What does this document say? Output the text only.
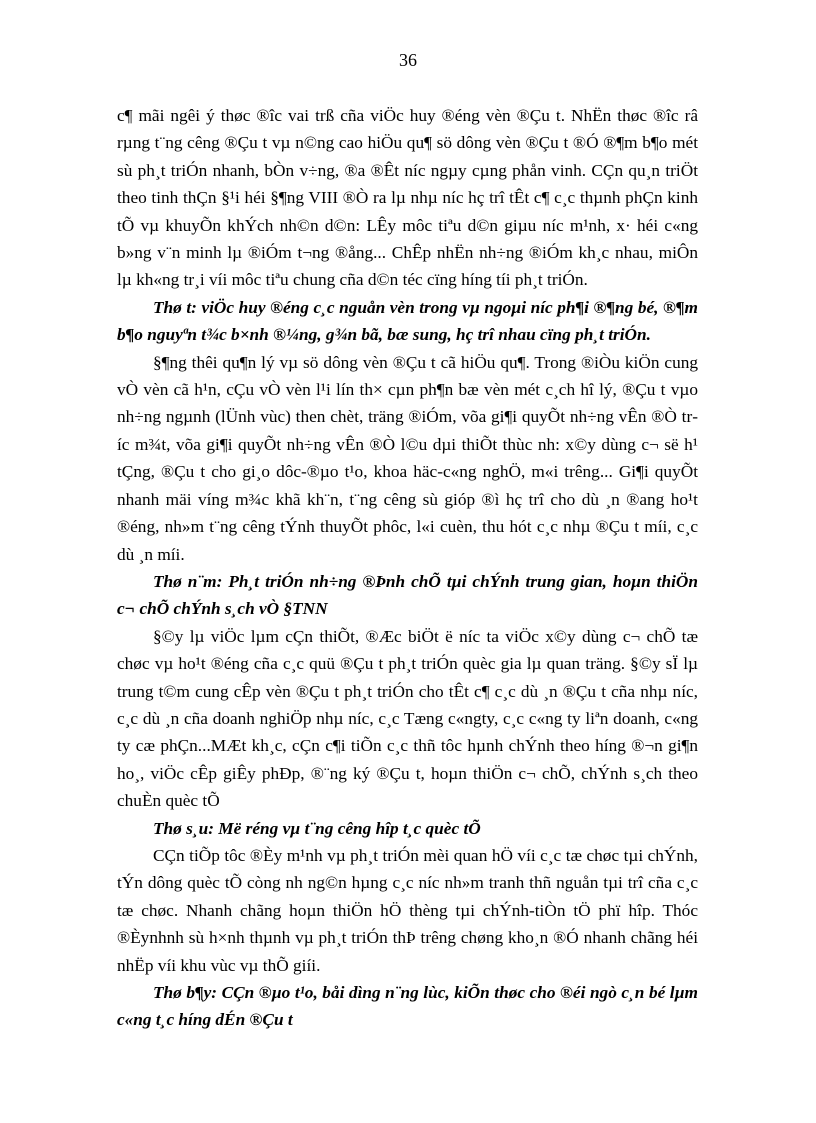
36

c¶ mãi ngêi ý thøc ®îc vai trß cña viÖc huy ®éng vèn ®Çu t. NhËn thøc ®îc râ rµng t¨ng cêng ®Çu t vµ n©ng cao hiÖu qu¶ sö dông vèn ®Çu t ®Ó ®¶m b¶o mét sù ph¸t triÓn nhanh, bÒn v÷ng, ®a ®Êt níc ngµy cµng phån vinh. CÇn qu¸n triÖt theo tinh thÇn §¹i héi §¶ng VIII ®Ò ra lµ nhµ níc hç trî tÊt c¶ c¸c thµnh phÇn kinh tÕ vµ khuyÕn khÝch nh©n d©n: LÊy môc tiªu d©n giµu níc m¹nh, x· héi c«ng b»ng v¨n minh lµ ®iÓm t¬ng ®ång... ChÊp nhËn nh÷ng ®iÓm kh¸c nhau, miÔn lµ kh«ng tr¸i víi môc tiªu chung cña d©n téc cïng híng tíi ph¸t triÓn.

Thø t: viÖc huy ®éng c¸c nguån vèn trong vµ ngoµi níc ph¶i ®¶ng bé, ®¶m b¶o nguyªn t¾c b×nh ®¼ng, g¾n bã, bæ sung, hç trî nhau cïng ph¸t triÓn.

§¶ng thêi qu¶n lý vµ sö dông vèn ®Çu t cã hiÖu qu¶. Trong ®iÒu kiÖn cung vÒ vèn cã h¹n, cÇu vÒ vèn l¹i lín th× cµn ph¶n bæ vèn mét c¸ch hî lý, ®Çu t vµo nh÷ng ngµnh (lÜnh vùc) then chèt, träng ®iÓm, võa gi¶i quyÕt nh÷ng vÊn ®Ò tríc m¾t, võa gi¶i quyÕt nh÷ng vÊn ®Ò l©u dµi thiÕt thùc nh: x©y dùng c¬ së h¹ tÇng, ®Çu t cho gi¸o dôc-®µo t¹o, khoa häc-c«ng nghÖ, m«i trêng... Gi¶i quyÕt nhanh mäi víng m¾c khã kh¨n, t¨ng cêng sù gióp ®ì hç trî cho dù ¸n ®ang ho¹t ®éng, nh»m t¨ng cêng tÝnh thuyÕt phôc, l«i cuèn, thu hót c¸c nhµ ®Çu t míi, c¸c dù ¸n míi.

Thø n¨m: Ph¸t triÓn nh÷ng ®Þnh chÕ tµi chÝnh trung gian, hoµn thiÖn c¬ chÕ chÝnh s¸ch vÒ §TNN

§©y lµ viÖc lµm cÇn thiÕt, ®Æc biÖt ë níc ta viÖc x©y dùng c¬ chÕ tæ chøc vµ ho¹t ®éng cña c¸c quü ®Çu t ph¸t triÓn quèc gia lµ quan träng. §©y sÏ lµ trung t©m cung cÊp vèn ®Çu t ph¸t triÓn cho tÊt c¶ c¸c dù ¸n ®Çu t cña nhµ níc, c¸c dù ¸n cña doanh nghiÖp nhµ níc, c¸c Tæng c«ngty, c¸c c«ng ty liªn doanh, c«ng ty cæ phÇn...MÆt kh¸c, cÇn c¶i tiÕn c¸c thñ tôc hµnh chÝnh theo híng ®¬n gi¶n ho¸, viÖc cÊp giÊy phÐp, ®¨ng ký ®Çu t, hoµn thiÖn c¬ chÕ, chÝnh s¸ch theo chuÈn quèc tÕ

Thø s¸u: Më réng vµ t¨ng cêng hîp t¸c quèc tÕ

CÇn tiÕp tôc ®Èy m¹nh vµ ph¸t triÓn mèi quan hÖ víi c¸c tæ chøc tµi chÝnh, tÝn dông quèc tÕ còng nh ng©n hµng c¸c níc nh»m tranh thñ nguån tµi trî cña c¸c tæ chøc. Nhanh chãng hoµn thiÖn hÖ thèng tµi chÝnh-tiÒn tÖ phï hîp. Thóc ®Èynhnh sù h×nh thµnh vµ ph¸t triÓn thÞ trêng chøng kho¸n ®Ó nhanh chãng héi nhËp víi khu vùc vµ thÕ giíi.

Thø b¶y: CÇn ®µo t¹o, båi dìng n¨ng lùc, kiÕn thøc cho ®éi ngò c¸n bé lµm c«ng t¸c híng dÉn ®Çu t
